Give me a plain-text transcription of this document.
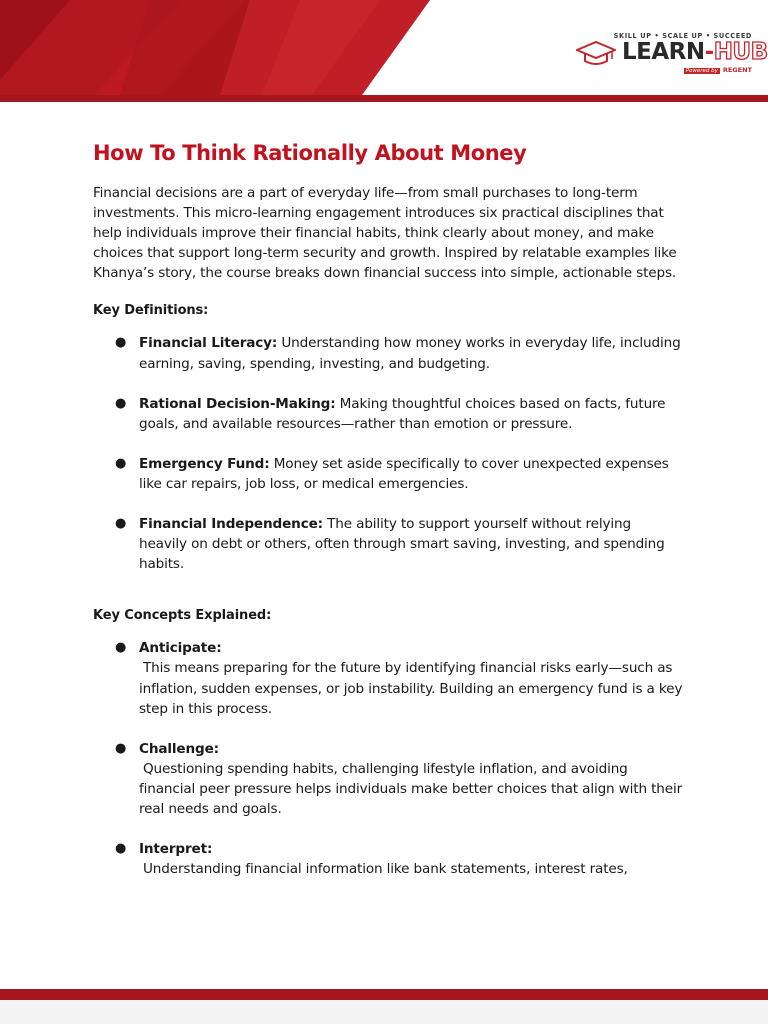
SKILL UP • SCALE UP • SUCCEED
LEARN-HUB
Powered by REGENT
How To Think Rationally About Money

Financial decisions are a part of everyday life—from small purchases to long-term investments. This micro-learning engagement introduces six practical disciplines that help individuals improve their financial habits, think clearly about money, and make choices that support long-term security and growth. Inspired by relatable examples like Khanya’s story, the course breaks down financial success into simple, actionable steps.

Key Definitions:

● Financial Literacy: Understanding how money works in everyday life, including earning, saving, spending, investing, and budgeting.
● Rational Decision-Making: Making thoughtful choices based on facts, future goals, and available resources—rather than emotion or pressure.
● Emergency Fund: Money set aside specifically to cover unexpected expenses like car repairs, job loss, or medical emergencies.
● Financial Independence: The ability to support yourself without relying heavily on debt or others, often through smart saving, investing, and spending habits.

Key Concepts Explained:

● Anticipate:
This means preparing for the future by identifying financial risks early—such as inflation, sudden expenses, or job instability. Building an emergency fund is a key step in this process.
● Challenge:
Questioning spending habits, challenging lifestyle inflation, and avoiding financial peer pressure helps individuals make better choices that align with their real needs and goals.
● Interpret:
Understanding financial information like bank statements, interest rates,
